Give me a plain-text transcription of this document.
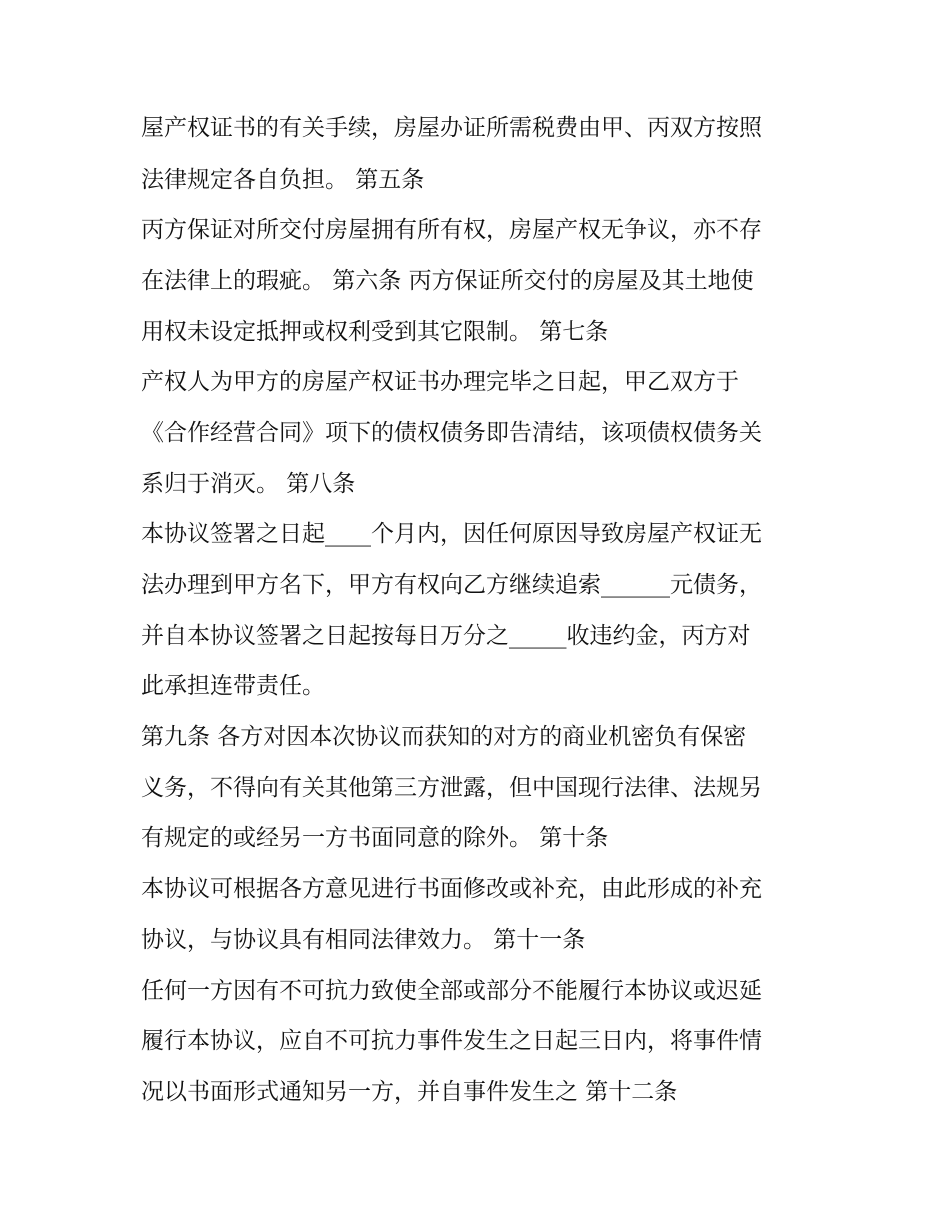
屋产权证书的有关手续，房屋办证所需税费由甲、丙双方按照
法律规定各自负担。 第五条
丙方保证对所交付房屋拥有所有权，房屋产权无争议，亦不存
在法律上的瑕疵。 第六条 丙方保证所交付的房屋及其土地使
用权未设定抵押或权利受到其它限制。 第七条
产权人为甲方的房屋产权证书办理完毕之日起，甲乙双方于
《合作经营合同》项下的债权债务即告清结，该项债权债务关
系归于消灭。 第八条
本协议签署之日起____个月内，因任何原因导致房屋产权证无
法办理到甲方名下，甲方有权向乙方继续追索______元债务，
并自本协议签署之日起按每日万分之_____收违约金，丙方对
此承担连带责任。
第九条 各方对因本次协议而获知的对方的商业机密负有保密
义务，不得向有关其他第三方泄露，但中国现行法律、法规另
有规定的或经另一方书面同意的除外。 第十条
本协议可根据各方意见进行书面修改或补充，由此形成的补充
协议，与协议具有相同法律效力。 第十一条
任何一方因有不可抗力致使全部或部分不能履行本协议或迟延
履行本协议，应自不可抗力事件发生之日起三日内，将事件情
况以书面形式通知另一方，并自事件发生之 第十二条
